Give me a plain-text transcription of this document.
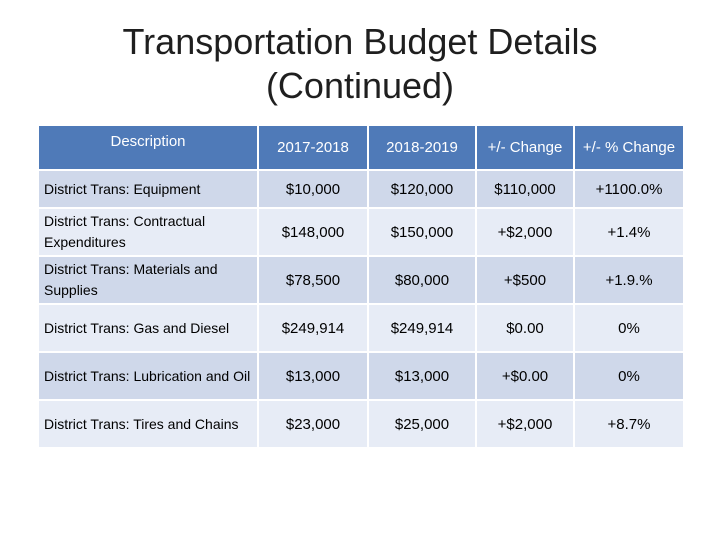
Transportation Budget Details
(Continued)
Description	2017-2018	2018-2019	+/- Change	+/- % Change
District Trans: Equipment	$10,000	$120,000	$110,000	+1100.0%
District Trans: Contractual Expenditures	$148,000	$150,000	+$2,000	+1.4%
District Trans: Materials and Supplies	$78,500	$80,000	+$500	+1.9.%
District Trans: Gas and Diesel	$249,914	$249,914	$0.00	0%
District Trans: Lubrication and Oil	$13,000	$13,000	+$0.00	0%
District Trans: Tires and Chains	$23,000	$25,000	+$2,000	+8.7%
